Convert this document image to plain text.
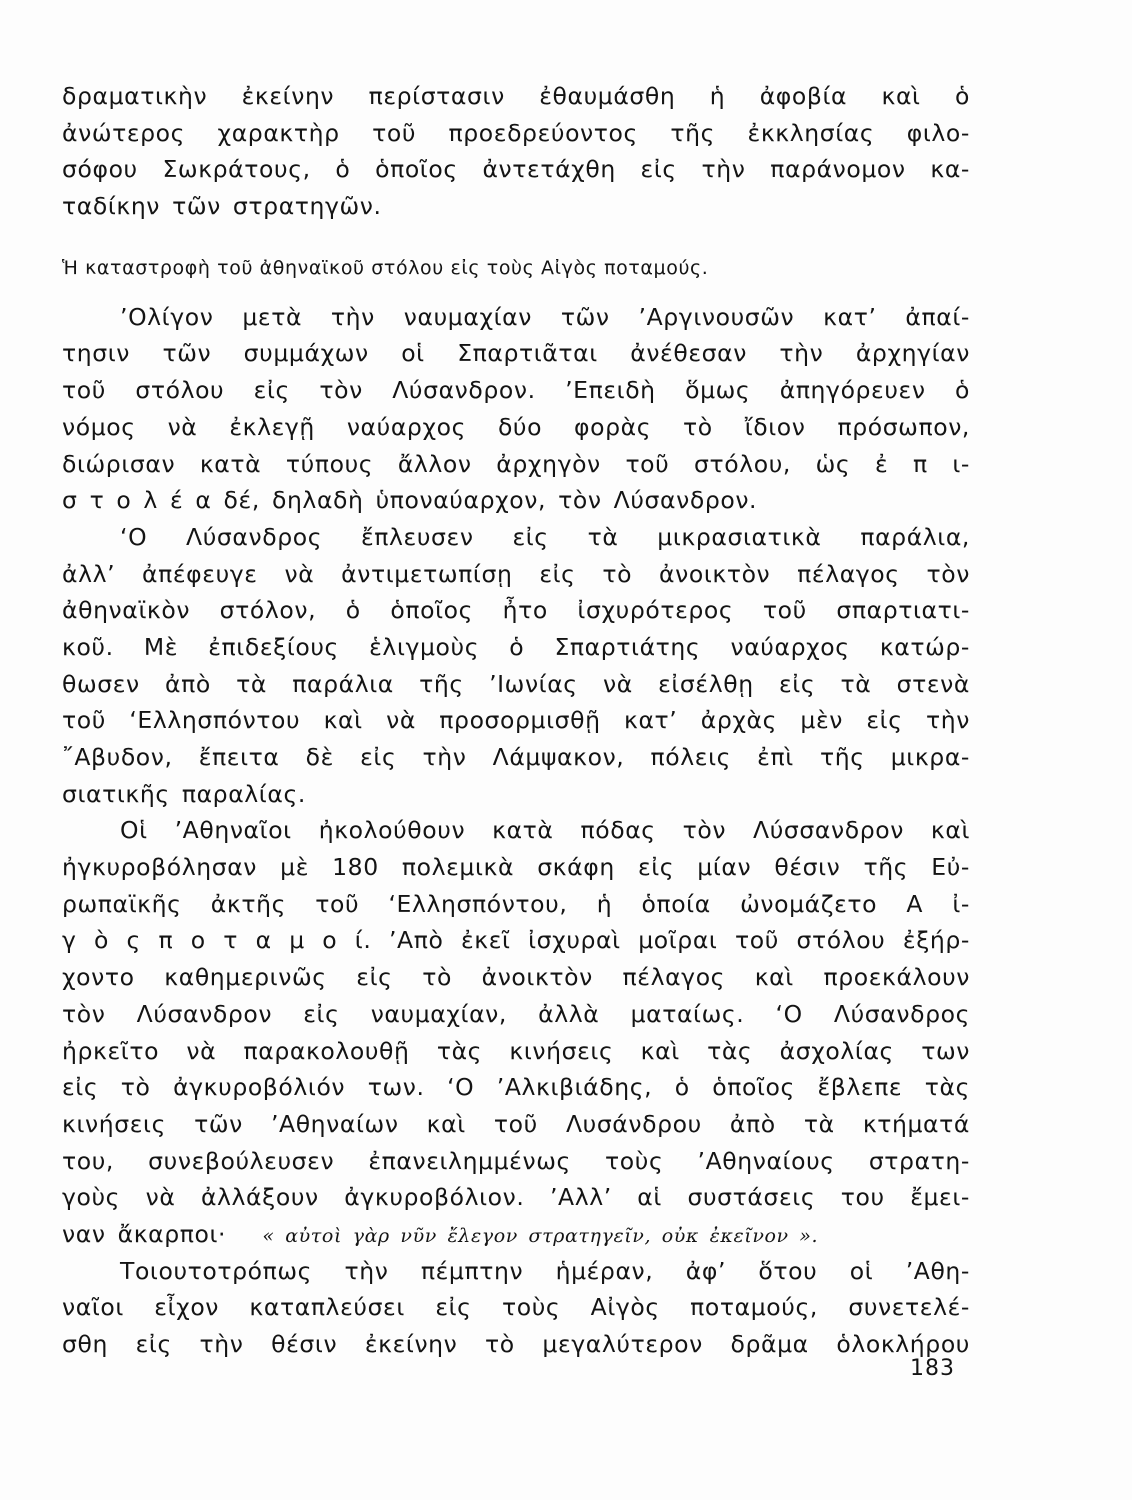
δραματικὴν ἐκείνην περίστασιν ἐθαυμάσθη ἡ ἀφοβία καὶ ὁ
ἀνώτερος χαρακτὴρ τοῦ προεδρεύοντος τῆς ἐκκλησίας φιλο-
σόφου Σωκράτους, ὁ ὁποῖος ἀντετάχθη εἰς τὴν παράνομον κα-
ταδίκην τῶν στρατηγῶν.
Ἡ καταστροφὴ τοῦ ἀθηναϊκοῦ στόλου εἰς τοὺς Αἰγὸς ποταμούς.
’Ολίγον μετὰ τὴν ναυμαχίαν τῶν ’Αργινουσῶν κατ’ ἀπαί-
τησιν τῶν συμμάχων οἱ Σπαρτιᾶται ἀνέθεσαν τὴν ἀρχηγίαν
τοῦ στόλου εἰς τὸν Λύσανδρον. ’Επειδὴ ὅμως ἀπηγόρευεν ὁ
νόμος νὰ ἐκλεγῇ ναύαρχος δύο φορὰς τὸ ἴδιον πρόσωπον,
διώρισαν κατὰ τύπους ἄλλον ἀρχηγὸν τοῦ στόλου, ὡς ἐ π ι-
σ τ ο λ έ α δέ, δηλαδὴ ὑποναύαρχον, τὸν Λύσανδρον.
‘Ο Λύσανδρος ἔπλευσεν εἰς τὰ μικρασιατικὰ παράλια,
ἀλλ’ ἀπέφευγε νὰ ἀντιμετωπίσῃ εἰς τὸ ἀνοικτὸν πέλαγος τὸν
ἀθηναϊκὸν στόλον, ὁ ὁποῖος ἦτο ἰσχυρότερος τοῦ σπαρτιατι-
κοῦ. Μὲ ἐπιδεξίους ἑλιγμοὺς ὁ Σπαρτιάτης ναύαρχος κατώρ-
θωσεν ἀπὸ τὰ παράλια τῆς ’Ιωνίας νὰ εἰσέλθῃ εἰς τὰ στενὰ
τοῦ ‘Ελλησπόντου καὶ νὰ προσορμισθῇ κατ’ ἀρχὰς μὲν εἰς τὴν
῎Αβυδον, ἔπειτα δὲ εἰς τὴν Λάμψακον, πόλεις ἐπὶ τῆς μικρα-
σιατικῆς παραλίας.
Οἱ ’Αθηναῖοι ἠκολούθουν κατὰ πόδας τὸν Λύσσανδρον καὶ
ἠγκυροβόλησαν μὲ 180 πολεμικὰ σκάφη εἰς μίαν θέσιν τῆς Εὐ-
ρωπαϊκῆς ἀκτῆς τοῦ ‘Ελλησπόντου, ἡ ὁποία ὠνομάζετο Α ἰ-
γ ὸ ς π ο τ α μ ο ί. ’Απὸ ἐκεῖ ἰσχυραὶ μοῖραι τοῦ στόλου ἐξήρ-
χοντο καθημερινῶς εἰς τὸ ἀνοικτὸν πέλαγος καὶ προεκάλουν
τὸν Λύσανδρον εἰς ναυμαχίαν, ἀλλὰ ματαίως. ‘Ο Λύσανδρος
ἠρκεῖτο νὰ παρακολουθῇ τὰς κινήσεις καὶ τὰς ἀσχολίας των
εἰς τὸ ἀγκυροβόλιόν των. ‘Ο ’Αλκιβιάδης, ὁ ὁποῖος ἔβλεπε τὰς
κινήσεις τῶν ’Αθηναίων καὶ τοῦ Λυσάνδρου ἀπὸ τὰ κτήματά
του, συνεβούλευσεν ἐπανειλημμένως τοὺς ’Αθηναίους στρατη-
γοὺς νὰ ἀλλάξουν ἀγκυροβόλιον. ’Αλλ’ αἱ συστάσεις του ἔμει-
ναν ἄκαρποι· « αὐτοὶ γὰρ νῦν ἔλεγον στρατηγεῖν, οὐκ ἐκεῖνον ».
Τοιουτοτρόπως τὴν πέμπτην ἡμέραν, ἀφ’ ὅτου οἱ ’Αθη-
ναῖοι εἶχον καταπλεύσει εἰς τοὺς Αἰγὸς ποταμούς, συνετελέ-
σθη εἰς τὴν θέσιν ἐκείνην τὸ μεγαλύτερον δρᾶμα ὁλοκλήρου
183
